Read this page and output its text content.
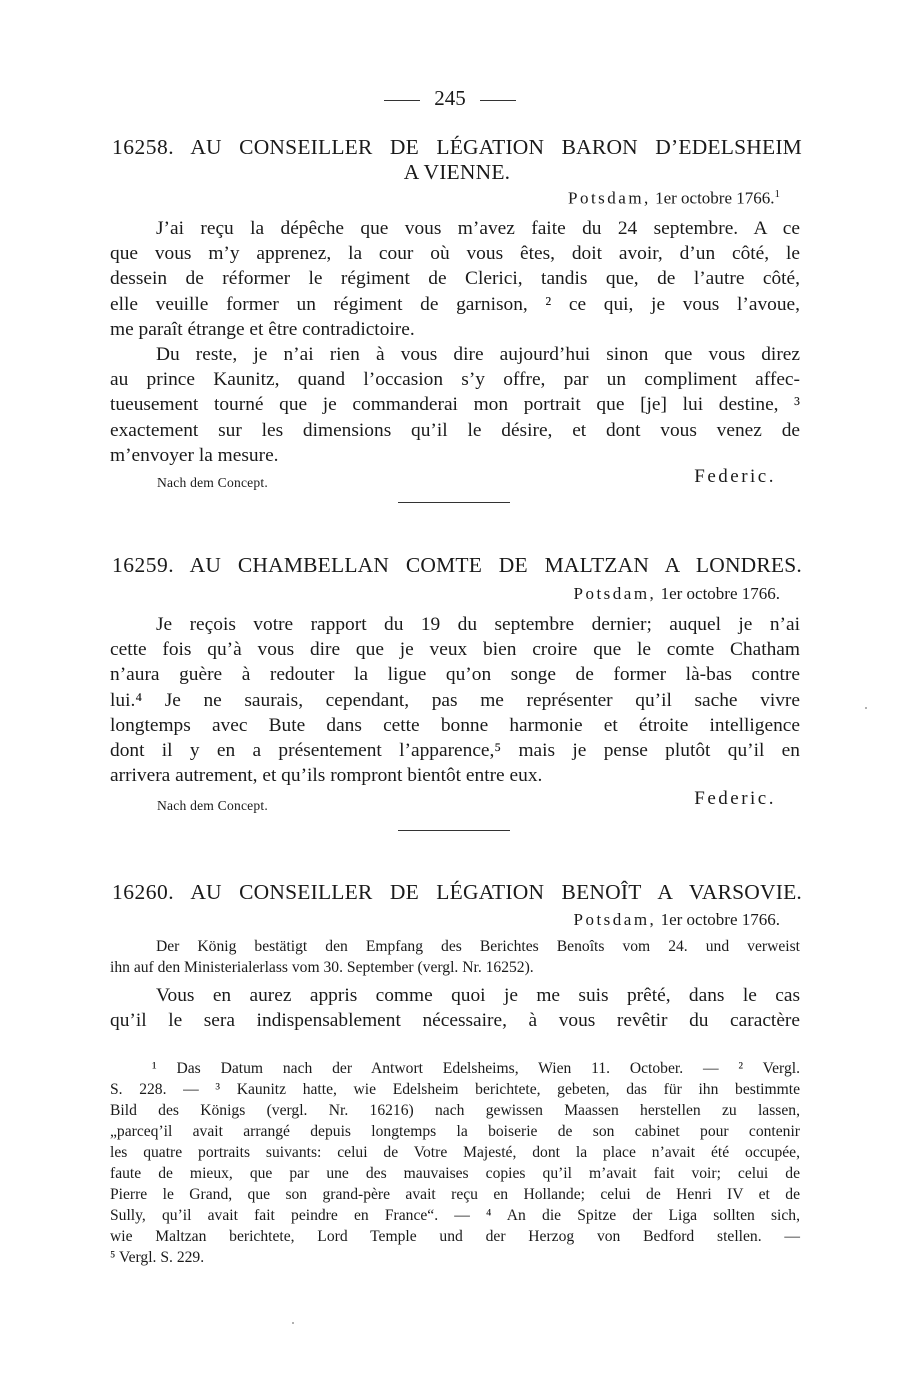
245
16258. AU CONSEILLER DE LÉGATION BARON D’EDELSHEIM
A VIENNE.
Potsdam, 1er octobre 1766.$^1$
J’ai reçu la dépêche que vous m’avez faite du 24 septembre. A ce
que vous m’y apprenez, la cour où vous êtes, doit avoir, d’un côté, le
dessein de réformer le régiment de Clerici, tandis que, de l’autre côté,
elle veuille former un régiment de garnison, ² ce qui, je vous l’avoue,
me paraît étrange et être contradictoire.
Du reste, je n’ai rien à vous dire aujourd’hui sinon que vous direz
au prince Kaunitz, quand l’occasion s’y offre, par un compliment affec-
tueusement tourné que je commanderai mon portrait que [je] lui destine, ³
exactement sur les dimensions qu’il le désire, et dont vous venez de
m’envoyer la mesure.
Nach dem Concept.	Federic.
16259. AU CHAMBELLAN COMTE DE MALTZAN A LONDRES.
Potsdam, 1er octobre 1766.
Je reçois votre rapport du 19 du septembre dernier; auquel je n’ai
cette fois qu’à vous dire que je veux bien croire que le comte Chatham
n’aura guère à redouter la ligue qu’on songe de former là-bas contre
lui.⁴ Je ne saurais, cependant, pas me représenter qu’il sache vivre
longtemps avec Bute dans cette bonne harmonie et étroite intelligence
dont il y en a présentement l’apparence,⁵ mais je pense plutôt qu’il en
arrivera autrement, et qu’ils rompront bientôt entre eux.
Nach dem Concept.	Federic.
16260. AU CONSEILLER DE LÉGATION BENOÎT A VARSOVIE.
Potsdam, 1er octobre 1766.
Der König bestätigt den Empfang des Berichtes Benoîts vom 24. und verweist
ihn auf den Ministerialerlass vom 30. September (vergl. Nr. 16252).
Vous en aurez appris comme quoi je me suis prêté, dans le cas
qu’il le sera indispensablement nécessaire, à vous revêtir du caractère
¹ Das Datum nach der Antwort Edelsheims, Wien 11. October. — ² Vergl.
S. 228. — ³ Kaunitz hatte, wie Edelsheim berichtete, gebeten, das für ihn bestimmte
Bild des Königs (vergl. Nr. 16216) nach gewissen Maassen herstellen zu lassen,
„parceq’il avait arrangé depuis longtemps la boiserie de son cabinet pour contenir
les quatre portraits suivants: celui de Votre Majesté, dont la place n’avait été occupée,
faute de mieux, que par une des mauvaises copies qu’il m’avait fait voir; celui de
Pierre le Grand, que son grand-père avait reçu en Hollande; celui de Henri IV et de
Sully, qu’il avait fait peindre en France“. — ⁴ An die Spitze der Liga sollten sich,
wie Maltzan berichtete, Lord Temple und der Herzog von Bedford stellen. —
⁵ Vergl. S. 229.
